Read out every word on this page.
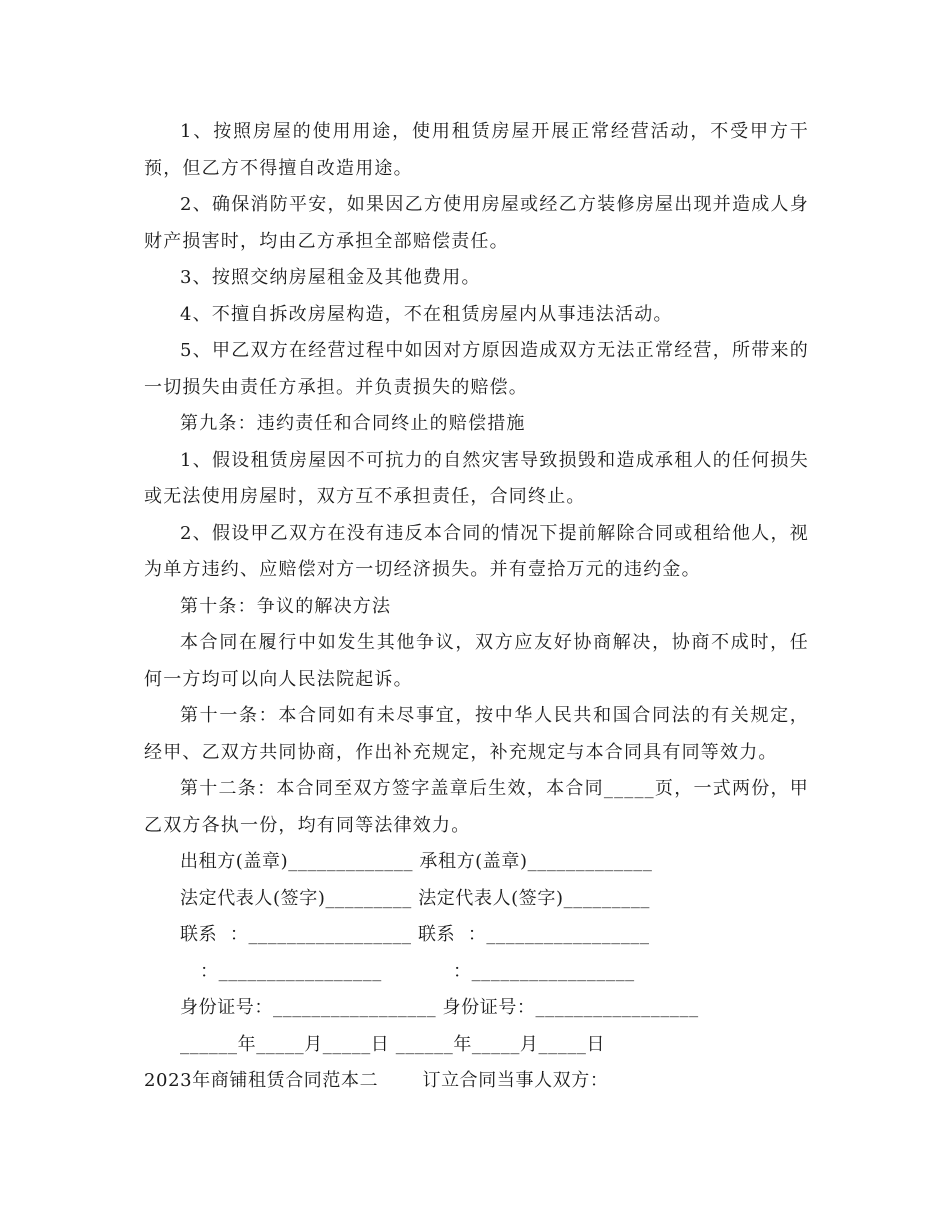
1、按照房屋的使用用途，使用租赁房屋开展正常经营活动，不受甲方干预，但乙方不得擅自改造用途。

2、确保消防平安，如果因乙方使用房屋或经乙方装修房屋出现并造成人身财产损害时，均由乙方承担全部赔偿责任。

3、按照交纳房屋租金及其他费用。

4、不擅自拆改房屋构造，不在租赁房屋内从事违法活动。

5、甲乙双方在经营过程中如因对方原因造成双方无法正常经营，所带来的一切损失由责任方承担。并负责损失的赔偿。

第九条：违约责任和合同终止的赔偿措施

1、假设租赁房屋因不可抗力的自然灾害导致损毁和造成承租人的任何损失或无法使用房屋时，双方互不承担责任，合同终止。

2、假设甲乙双方在没有违反本合同的情况下提前解除合同或租给他人，视为单方违约、应赔偿对方一切经济损失。并有壹拾万元的违约金。

第十条：争议的解决方法

本合同在履行中如发生其他争议，双方应友好协商解决，协商不成时，任何一方均可以向人民法院起诉。

第十一条：本合同如有未尽事宜，按中华人民共和国合同法的有关规定，经甲、乙双方共同协商，作出补充规定，补充规定与本合同具有同等效力。

第十二条：本合同至双方签字盖章后生效，本合同_____页，一式两份，甲乙双方各执一份，均有同等法律效力。

出租方(盖章)_____________ 承租方(盖章)_____________
法定代表人(签字)_________ 法定代表人(签字)_________
联系  ：_________________ 联系  ：_________________
：_________________	：_________________
身份证号：_________________ 身份证号：_________________
______年_____月_____日 ______年_____月_____日
2023年商铺租赁合同范本二 订立合同当事人双方：
